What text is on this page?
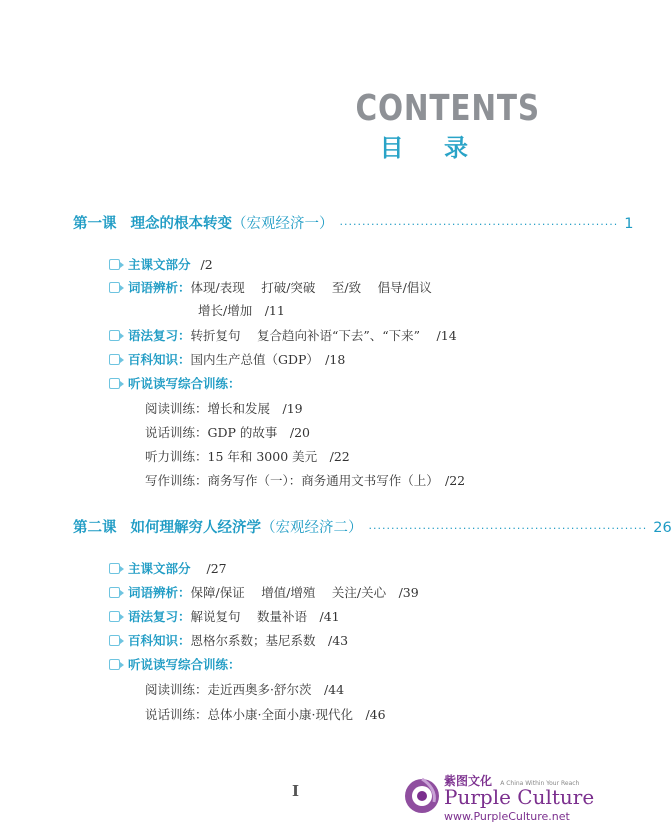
CONTENTS
目 录
第一课 理念的根本转变 （宏观经济一） ······························································ 1
主课文部分 /2
词语辨析： 体现/表现　 打破/突破　 至/致　 倡导/倡议
增长/增加　/11
语法复习： 转折复句　 复合趋向补语“下去”、“下来”　 /14
百科知识： 国内生产总值（GDP）　/18
听说读写综合训练：
阅读训练：增长和发展　/19
说话训练：GDP 的故事　/20
听力训练：15 年和 3000 美元　/22
写作训练：商务写作（一）：商务通用文书写作（上）　/22
第二课 如何理解穷人经济学 （宏观经济二） ······························································ 26
主课文部分 /27
词语辨析： 保障/保证　 增值/增殖　 关注/关心　/39
语法复习： 解说复句　 数量补语　/41
百科知识： 恩格尔系数；基尼系数　/43
听说读写综合训练：
阅读训练：走近西奥多·舒尔茨　/44
说话训练：总体小康·全面小康·现代化　/46
I
紫图文化 A China Within Your Reach
Purple Culture
www.PurpleCulture.net
